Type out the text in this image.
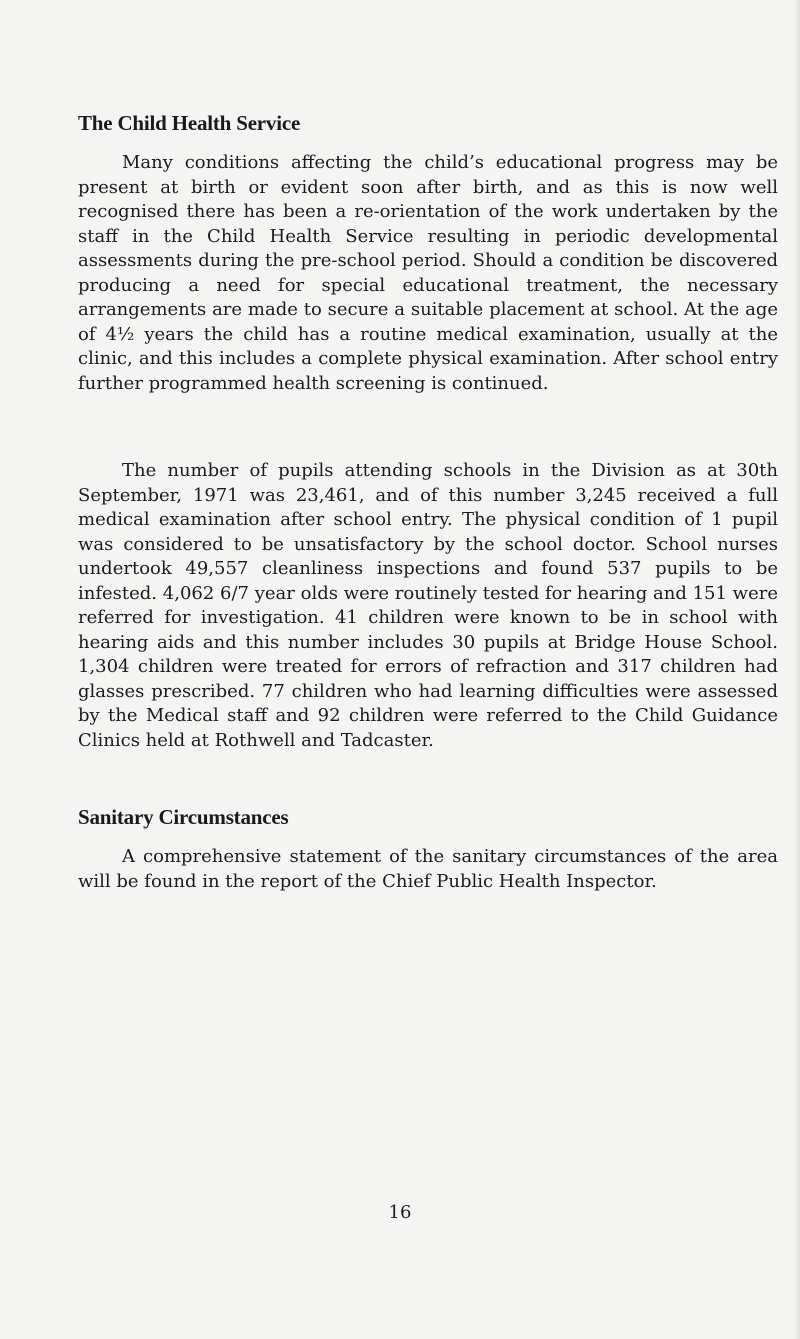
The Child Health Service

Many conditions affecting the child’s educational progress may be present at birth or evident soon after birth, and as this is now well recognised there has been a re-orientation of the work undertaken by the staff in the Child Health Service resulting in periodic developmental assessments during the pre-school period. Should a condition be discovered producing a need for special educational treatment, the necessary arrangements are made to secure a suitable placement at school. At the age of 4½ years the child has a routine medical examination, usually at the clinic, and this includes a complete physical examination. After school entry further programmed health screening is continued.

The number of pupils attending schools in the Division as at 30th September, 1971 was 23,461, and of this number 3,245 received a full medical examination after school entry. The physical condition of 1 pupil was considered to be unsatisfactory by the school doctor. School nurses undertook 49,557 cleanliness inspections and found 537 pupils to be infested. 4,062 6/7 year olds were routinely tested for hearing and 151 were referred for investigation. 41 children were known to be in school with hearing aids and this number includes 30 pupils at Bridge House School. 1,304 children were treated for errors of refraction and 317 children had glasses prescribed. 77 children who had learning difficulties were assessed by the Medical staff and 92 children were referred to the Child Guidance Clinics held at Rothwell and Tadcaster.

Sanitary Circumstances

A comprehensive statement of the sanitary circumstances of the area will be found in the report of the Chief Public Health Inspector.

16
